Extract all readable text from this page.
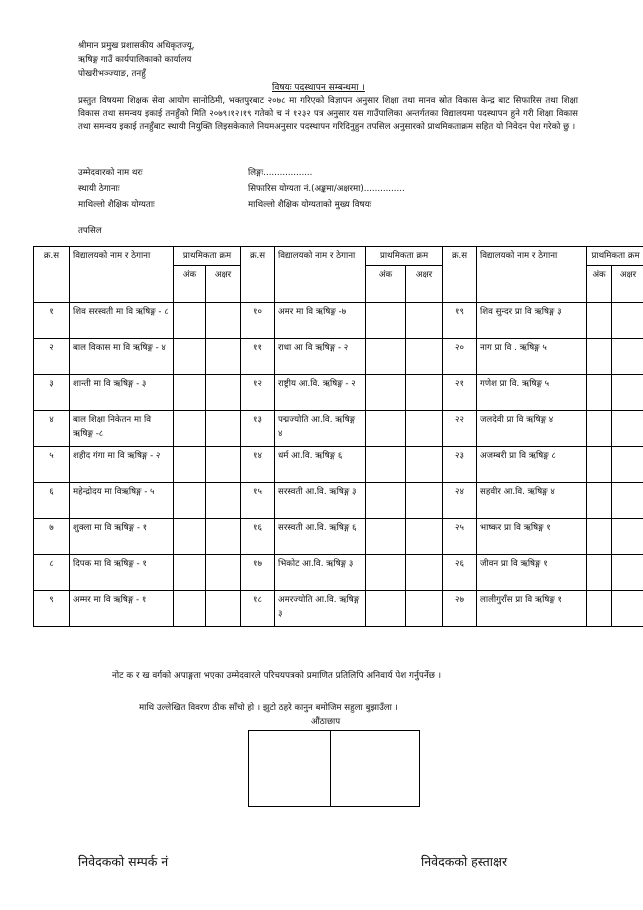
श्रीमान प्रमुख प्रशासकीय अधिकृतज्यू,
ऋषिङ्ग गाउँ कार्यपालिकाको कार्यालय
पोखरीभञ्ज्याङ, तनहुँ
विषयः पदस्थापन सम्बन्धमा ।
प्रस्तुत विषयमा शिक्षक सेवा आयोग सानोठिमी, भक्तपुरबाट २०७८ मा गरिएको विज्ञापन अनुसार शिक्षा तथा मानव स्रोत विकास केन्द्र बाट सिफारिस तथा शिक्षा विकास तथा समन्वय इकाई तनहुँको मिति २०७९।१२।१९ गतेको च नं १२३२ पत्र अनुसार यस गाउँपालिका अन्तर्गतका विद्यालयमा पदस्थापन हुने गरी शिक्षा विकास तथा समन्वय इकाई तनहुँबाट स्थायी नियुक्ति लिइसकेकाले नियमअनुसार पदस्थापन गरिदिनुहुन तपसिल अनुसारको प्राथमिकताक्रम सहित यो निवेदन पेश गरेको छु ।
उम्मेदवारको नाम थरः	लिङ्गः..................
स्थायी ठेगानाः	सिफारिस योग्यता नं.(अङ्कमा/अक्षरमा)...............
माथिल्लो शैक्षिक योग्यताः	माथिल्लो शैक्षिक योग्यताको मुख्य विषयः
तपसिल
क्र.स	विद्यालयको नाम र ठेगाना	प्राथमिकता क्रम		क्र.स	विद्यालयको नाम र ठेगाना	प्राथमिकता क्रम		क्र.स	विद्यालयको नाम र ठेगाना	प्राथमिकता क्रम	
		अंक	अक्षर			अंक	अक्षर			अंक	अक्षर
१	शिव सरस्वती मा वि ऋषिङ्ग - ८			१०	अमर मा वि ऋषिङ्ग -७			१९	शिव सुन्दर प्रा वि ऋषिङ्ग ३		
२	बाल विकास मा वि ऋषिङ्ग - ४			११	राधा आ वि ऋषिङ्ग - २			२०	नाग प्रा वि . ऋषिङ्ग ५		
३	शान्ती मा वि ऋषिङ्ग - ३			१२	राष्ट्रीय आ.वि. ऋषिङ्ग - २			२१	गणेश प्रा वि. ऋषिङ्ग ५		
४	बाल शिक्षा निकेतन मा वि ऋषिङ्ग -८			१३	पद्मज्योति आ.वि. ऋषिङ्ग ४			२२	जलदेवी प्रा वि ऋषिङ्ग ४		
५	शहीद गंगा मा वि ऋषिङ्ग - २			१४	धर्म आ.वि. ऋषिङ्ग ६			२३	अजम्बरी प्रा वि ऋषिङ्ग ८		
६	महेन्द्रोदय मा विऋषिङ्ग - ५			१५	सरस्वती आ.वि. ऋषिङ्ग ३			२४	सहवीर आ.वि. ऋषिङ्ग ४		
७	शुक्ला मा वि ऋषिङ्ग - १			१६	सरस्वती आ.वि. ऋषिङ्ग ६			२५	भाष्कर प्रा वि ऋषिङ्ग १		
८	दिपक मा वि ऋषिङ्ग - १			१७	भिकोट आ.वि. ऋषिङ्ग ३			२६	जीवन प्रा वि ऋषिङ्ग १		
९	अम्मर मा वि ऋषिङ्ग - १			१८	अमरज्योति आ.वि. ऋषिङ्ग ३			२७	लालीगुराँस प्रा वि ऋषिङ्ग १		
नोट क र ख वर्गको अपाङ्गता भएका उम्मेदवारले परिचयपत्रको प्रमाणित प्रतिलिपि अनिवार्य पेश गर्नुपर्नेछ ।
माथि उल्लेखित विवरण ठीक साँचो हो । झुटो ठहरे कानुन बमोजिम सहुला बुझाउँला ।
औंठाछाप
निवेदकको सम्पर्क नं	निवेदकको हस्ताक्षर
